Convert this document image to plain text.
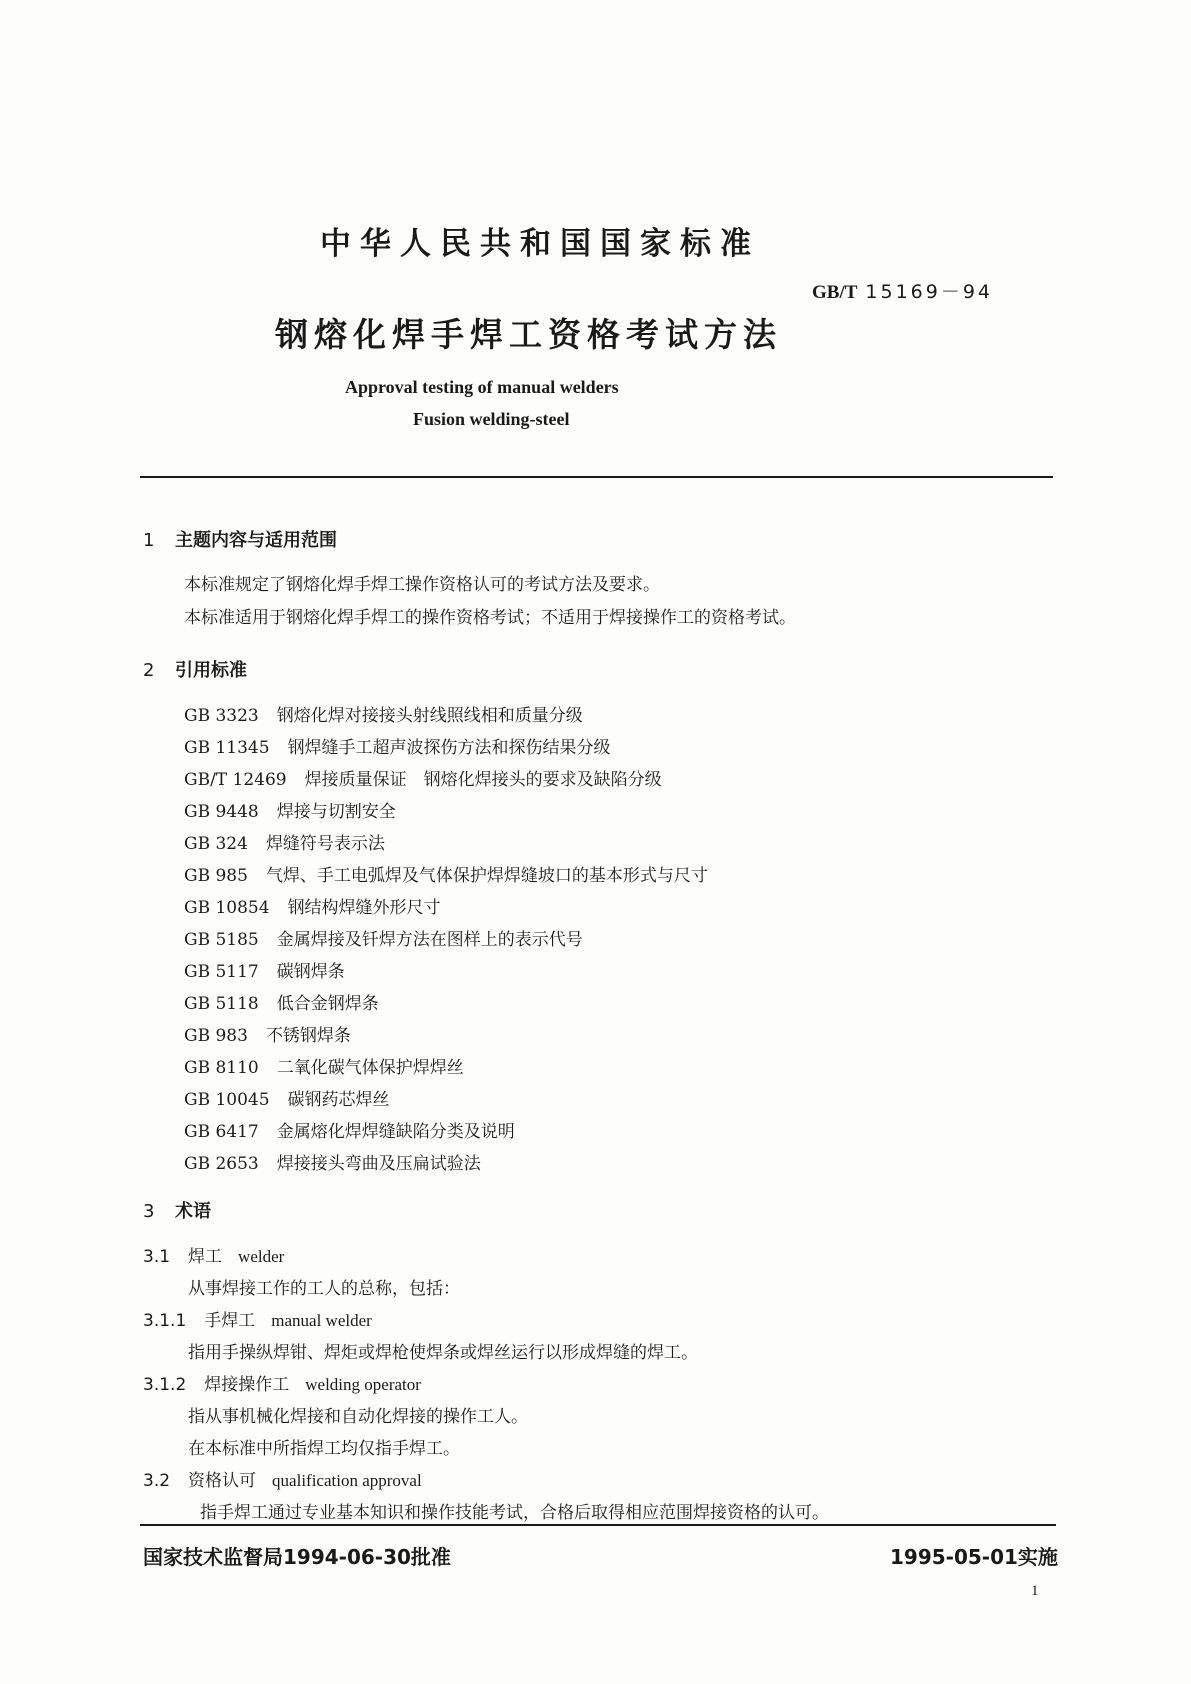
中华人民共和国国家标准
GB/T 15169－94
钢熔化焊手焊工资格考试方法
Approval testing of manual welders
Fusion welding-steel
1 主题内容与适用范围
本标准规定了钢熔化焊手焊工操作资格认可的考试方法及要求。
本标准适用于钢熔化焊手焊工的操作资格考试；不适用于焊接操作工的资格考试。
2 引用标准
GB 3323 钢熔化焊对接接头射线照线相和质量分级
GB 11345 钢焊缝手工超声波探伤方法和探伤结果分级
GB/T 12469 焊接质量保证　钢熔化焊接头的要求及缺陷分级
GB 9448 焊接与切割安全
GB 324 焊缝符号表示法
GB 985 气焊、手工电弧焊及气体保护焊焊缝坡口的基本形式与尺寸
GB 10854 钢结构焊缝外形尺寸
GB 5185 金属焊接及钎焊方法在图样上的表示代号
GB 5117 碳钢焊条
GB 5118 低合金钢焊条
GB 983 不锈钢焊条
GB 8110 二氧化碳气体保护焊焊丝
GB 10045 碳钢药芯焊丝
GB 6417 金属熔化焊焊缝缺陷分类及说明
GB 2653 焊接接头弯曲及压扁试验法
3 术语
3.1 焊工 welder
从事焊接工作的工人的总称，包括：
3.1.1 手焊工 manual welder
指用手操纵焊钳、焊炬或焊枪使焊条或焊丝运行以形成焊缝的焊工。
3.1.2 焊接操作工 welding operator
指从事机械化焊接和自动化焊接的操作工人。
在本标准中所指焊工均仅指手焊工。
3.2 资格认可 qualification approval
指手焊工通过专业基本知识和操作技能考试，合格后取得相应范围焊接资格的认可。
国家技术监督局1994-06-30批准	1995-05-01实施
1
